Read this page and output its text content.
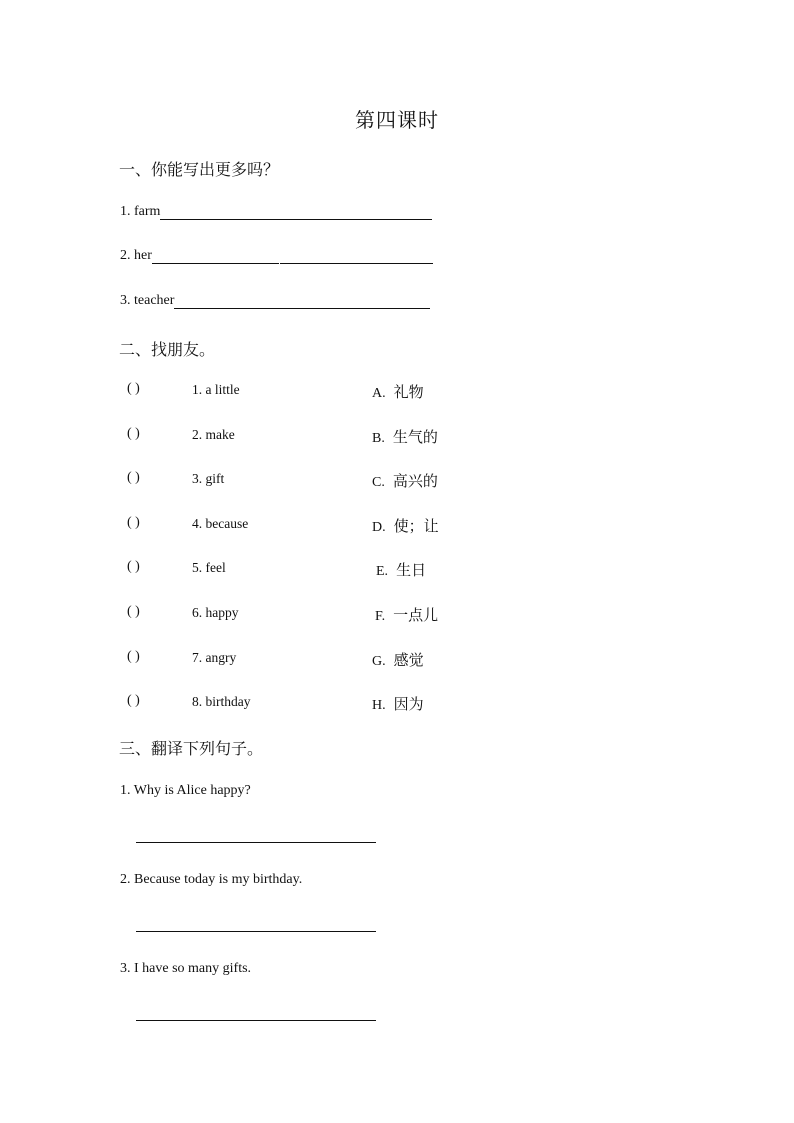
第四课时
一、你能写出更多吗？
1. farm
2. her
3. teacher
二、找朋友。
( )	1. a little	A. 礼物
( )	2. make	B. 生气的
( )	3. gift	C. 高兴的
( )	4. because	D. 使；让
( )	5. feel	E. 生日
( )	6. happy	F. 一点儿
( )	7. angry	G. 感觉
( )	8. birthday	H. 因为
三、翻译下列句子。
1. Why is Alice happy?
2. Because today is my birthday.
3. I have so many gifts.
